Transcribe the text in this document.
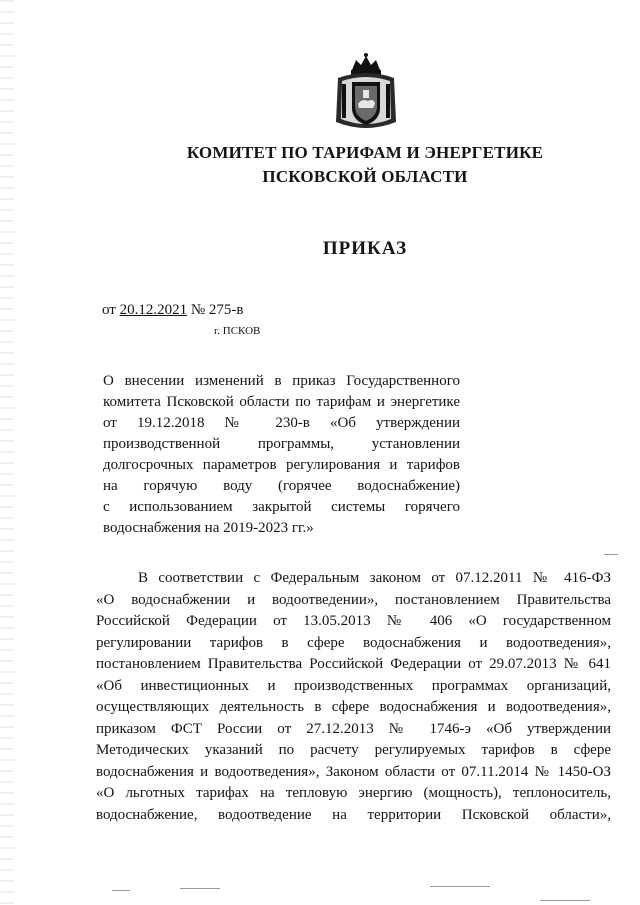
КОМИТЕТ ПО ТАРИФАМ И ЭНЕРГЕТИКЕ
ПСКОВСКОЙ ОБЛАСТИ
ПРИКАЗ
от 20.12.2021 № 275-в
г. ПСКОВ
О внесении изменений в приказ Государственного
комитета Псковской области по тарифам и энергетике
от 19.12.2018 № 230-в «Об утверждении
производственной программы, установлении
долгосрочных параметров регулирования и тарифов
на горячую воду (горячее водоснабжение)
с использованием закрытой системы горячего
водоснабжения на 2019-2023 гг.»
В соответствии с Федеральным законом от 07.12.2011 № 416-ФЗ
«О водоснабжении и водоотведении», постановлением Правительства
Российской Федерации от 13.05.2013 № 406 «О государственном
регулировании тарифов в сфере водоснабжения и водоотведения»,
постановлением Правительства Российской Федерации от 29.07.2013 № 641
«Об инвестиционных и производственных программах организаций,
осуществляющих деятельность в сфере водоснабжения и водоотведения»,
приказом ФСТ России от 27.12.2013 № 1746-э «Об утверждении
Методических указаний по расчету регулируемых тарифов в сфере
водоснабжения и водоотведения», Законом области от 07.11.2014 № 1450-ОЗ
«О льготных тарифах на тепловую энергию (мощность), теплоноситель,
водоснабжение, водоотведение на территории Псковской области»,
